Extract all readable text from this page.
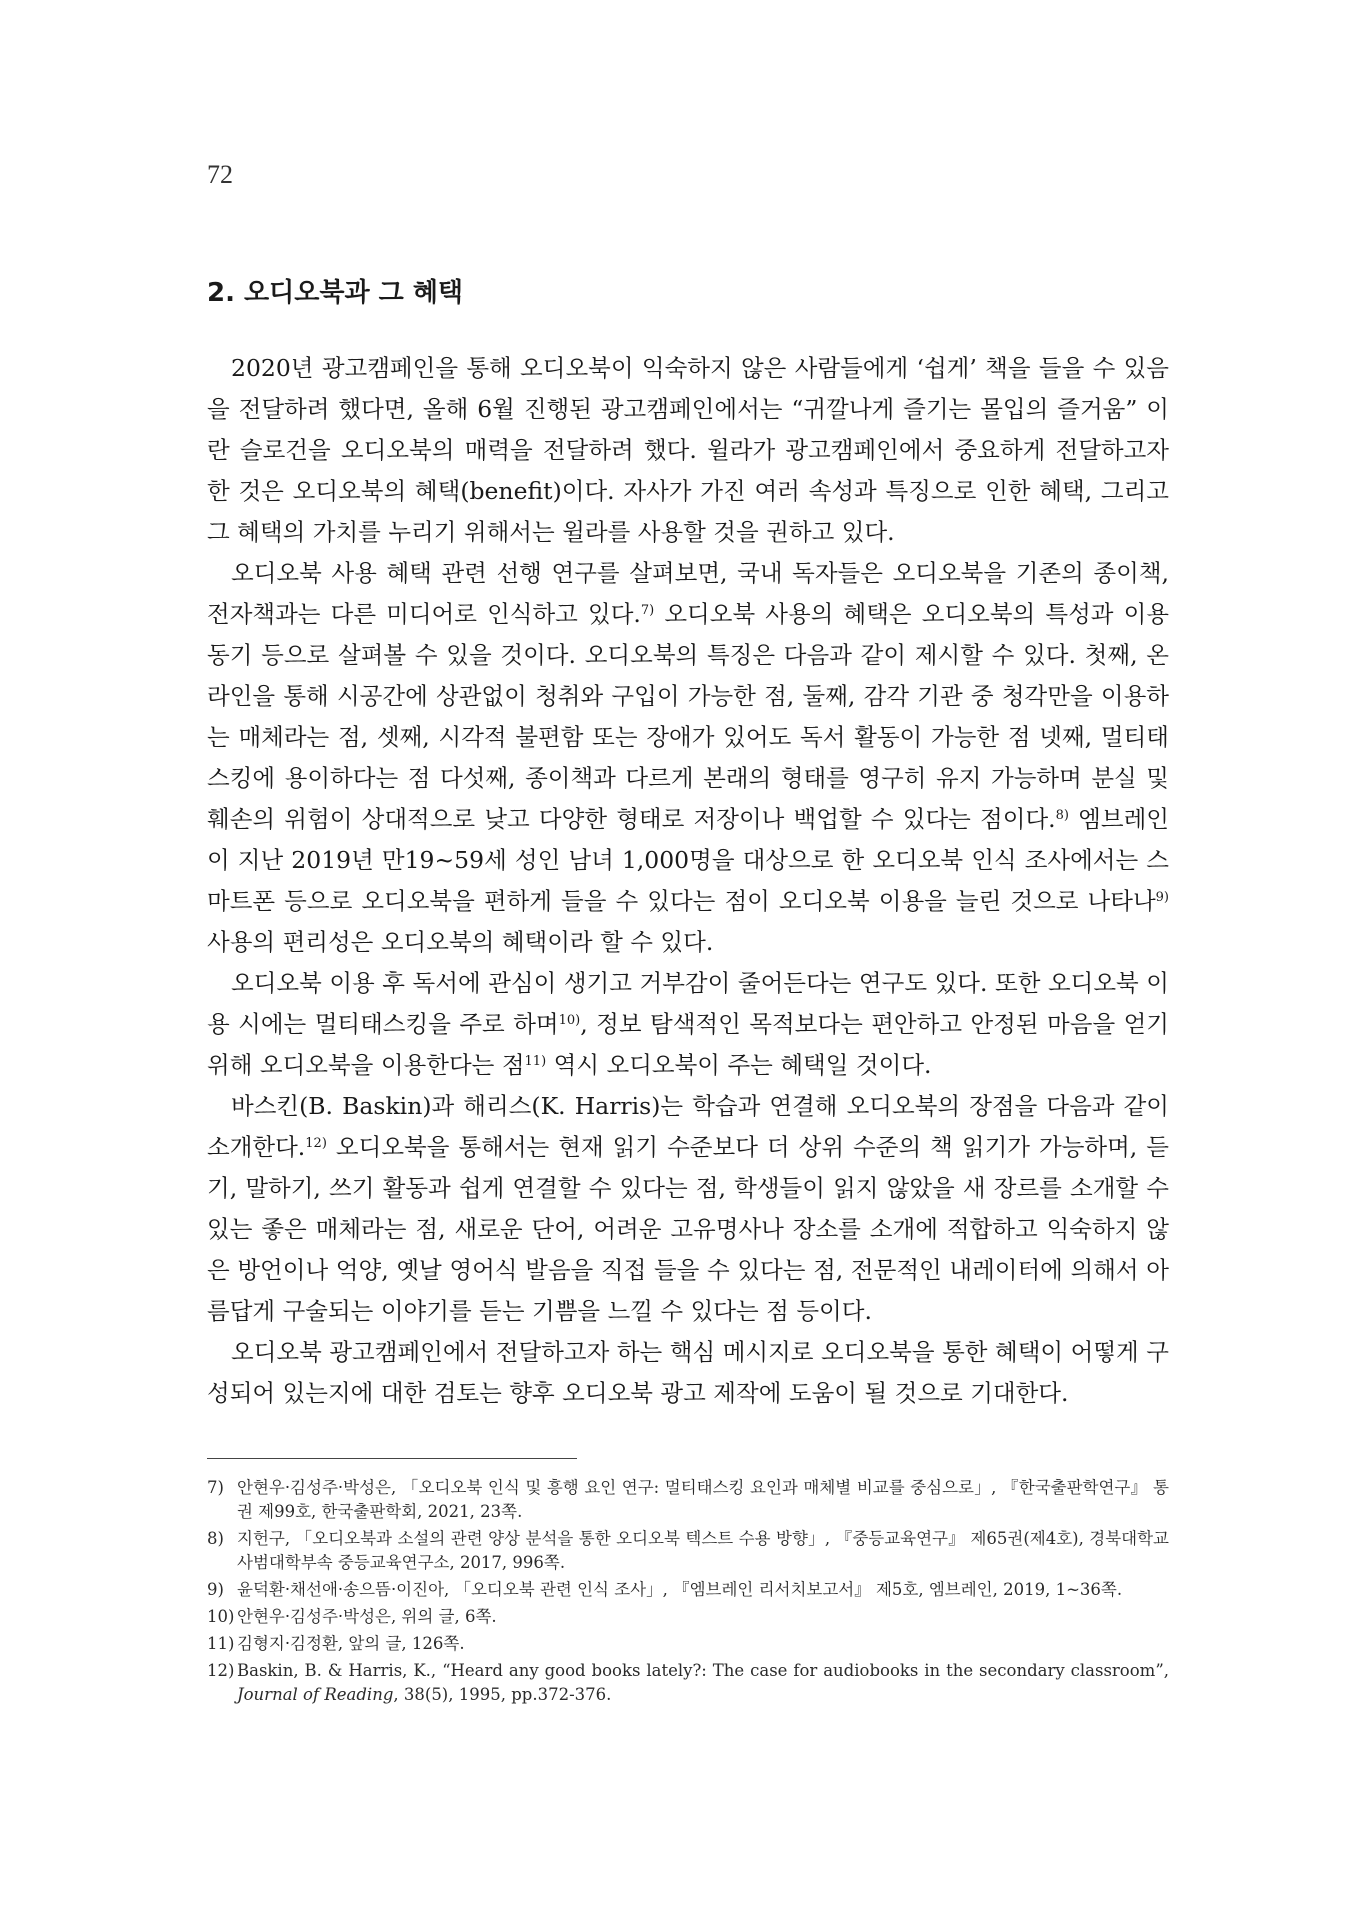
72
2. 오디오북과 그 혜택

2020년 광고캠페인을 통해 오디오북이 익숙하지 않은 사람들에게 ‘쉽게’ 책을 들을 수 있음을 전달하려 했다면, 올해 6월 진행된 광고캠페인에서는 “귀깔나게 즐기는 몰입의 즐거움” 이란 슬로건을 오디오북의 매력을 전달하려 했다. 윌라가 광고캠페인에서 중요하게 전달하고자 한 것은 오디오북의 혜택(benefit)이다. 자사가 가진 여러 속성과 특징으로 인한 혜택, 그리고 그 혜택의 가치를 누리기 위해서는 윌라를 사용할 것을 권하고 있다.

오디오북 사용 혜택 관련 선행 연구를 살펴보면, 국내 독자들은 오디오북을 기존의 종이책, 전자책과는 다른 미디어로 인식하고 있다.$^{7)}$ 오디오북 사용의 혜택은 오디오북의 특성과 이용 동기 등으로 살펴볼 수 있을 것이다. 오디오북의 특징은 다음과 같이 제시할 수 있다. 첫째, 온라인을 통해 시공간에 상관없이 청취와 구입이 가능한 점, 둘째, 감각 기관 중 청각만을 이용하는 매체라는 점, 셋째, 시각적 불편함 또는 장애가 있어도 독서 활동이 가능한 점 넷째, 멀티태스킹에 용이하다는 점 다섯째, 종이책과 다르게 본래의 형태를 영구히 유지 가능하며 분실 및 훼손의 위험이 상대적으로 낮고 다양한 형태로 저장이나 백업할 수 있다는 점이다.$^{8)}$ 엠브레인이 지난 2019년 만19~59세 성인 남녀 1,000명을 대상으로 한 오디오북 인식 조사에서는 스마트폰 등으로 오디오북을 편하게 들을 수 있다는 점이 오디오북 이용을 늘린 것으로 나타나$^{9)}$ 사용의 편리성은 오디오북의 혜택이라 할 수 있다.

오디오북 이용 후 독서에 관심이 생기고 거부감이 줄어든다는 연구도 있다. 또한 오디오북 이용 시에는 멀티태스킹을 주로 하며$^{10)}$, 정보 탐색적인 목적보다는 편안하고 안정된 마음을 얻기 위해 오디오북을 이용한다는 점$^{11)}$ 역시 오디오북이 주는 혜택일 것이다.

바스킨(B. Baskin)과 해리스(K. Harris)는 학습과 연결해 오디오북의 장점을 다음과 같이 소개한다.$^{12)}$ 오디오북을 통해서는 현재 읽기 수준보다 더 상위 수준의 책 읽기가 가능하며, 듣기, 말하기, 쓰기 활동과 쉽게 연결할 수 있다는 점, 학생들이 읽지 않았을 새 장르를 소개할 수 있는 좋은 매체라는 점, 새로운 단어, 어려운 고유명사나 장소를 소개에 적합하고 익숙하지 않은 방언이나 억양, 옛날 영어식 발음을 직접 들을 수 있다는 점, 전문적인 내레이터에 의해서 아름답게 구술되는 이야기를 듣는 기쁨을 느낄 수 있다는 점 등이다.

오디오북 광고캠페인에서 전달하고자 하는 핵심 메시지로 오디오북을 통한 혜택이 어떻게 구성되어 있는지에 대한 검토는 향후 오디오북 광고 제작에 도움이 될 것으로 기대한다.

7) 안현우·김성주·박성은, 「오디오북 인식 및 흥행 요인 연구: 멀티태스킹 요인과 매체별 비교를 중심으로」, 『한국출판학연구』 통권 제99호, 한국출판학회, 2021, 23쪽.
8) 지헌구, 「오디오북과 소설의 관련 양상 분석을 통한 오디오북 텍스트 수용 방향」, 『중등교육연구』 제65권(제4호), 경북대학교 사범대학부속 중등교육연구소, 2017, 996쪽.
9) 윤덕환·채선애·송으뜸·이진아, 「오디오북 관련 인식 조사」, 『엠브레인 리서치보고서』 제5호, 엠브레인, 2019, 1~36쪽.
10) 안현우·김성주·박성은, 위의 글, 6쪽.
11) 김형지·김정환, 앞의 글, 126쪽.
12) Baskin, B. & Harris, K., “Heard any good books lately?: The case for audiobooks in the secondary classroom”, Journal of Reading, 38(5), 1995, pp.372-376.
